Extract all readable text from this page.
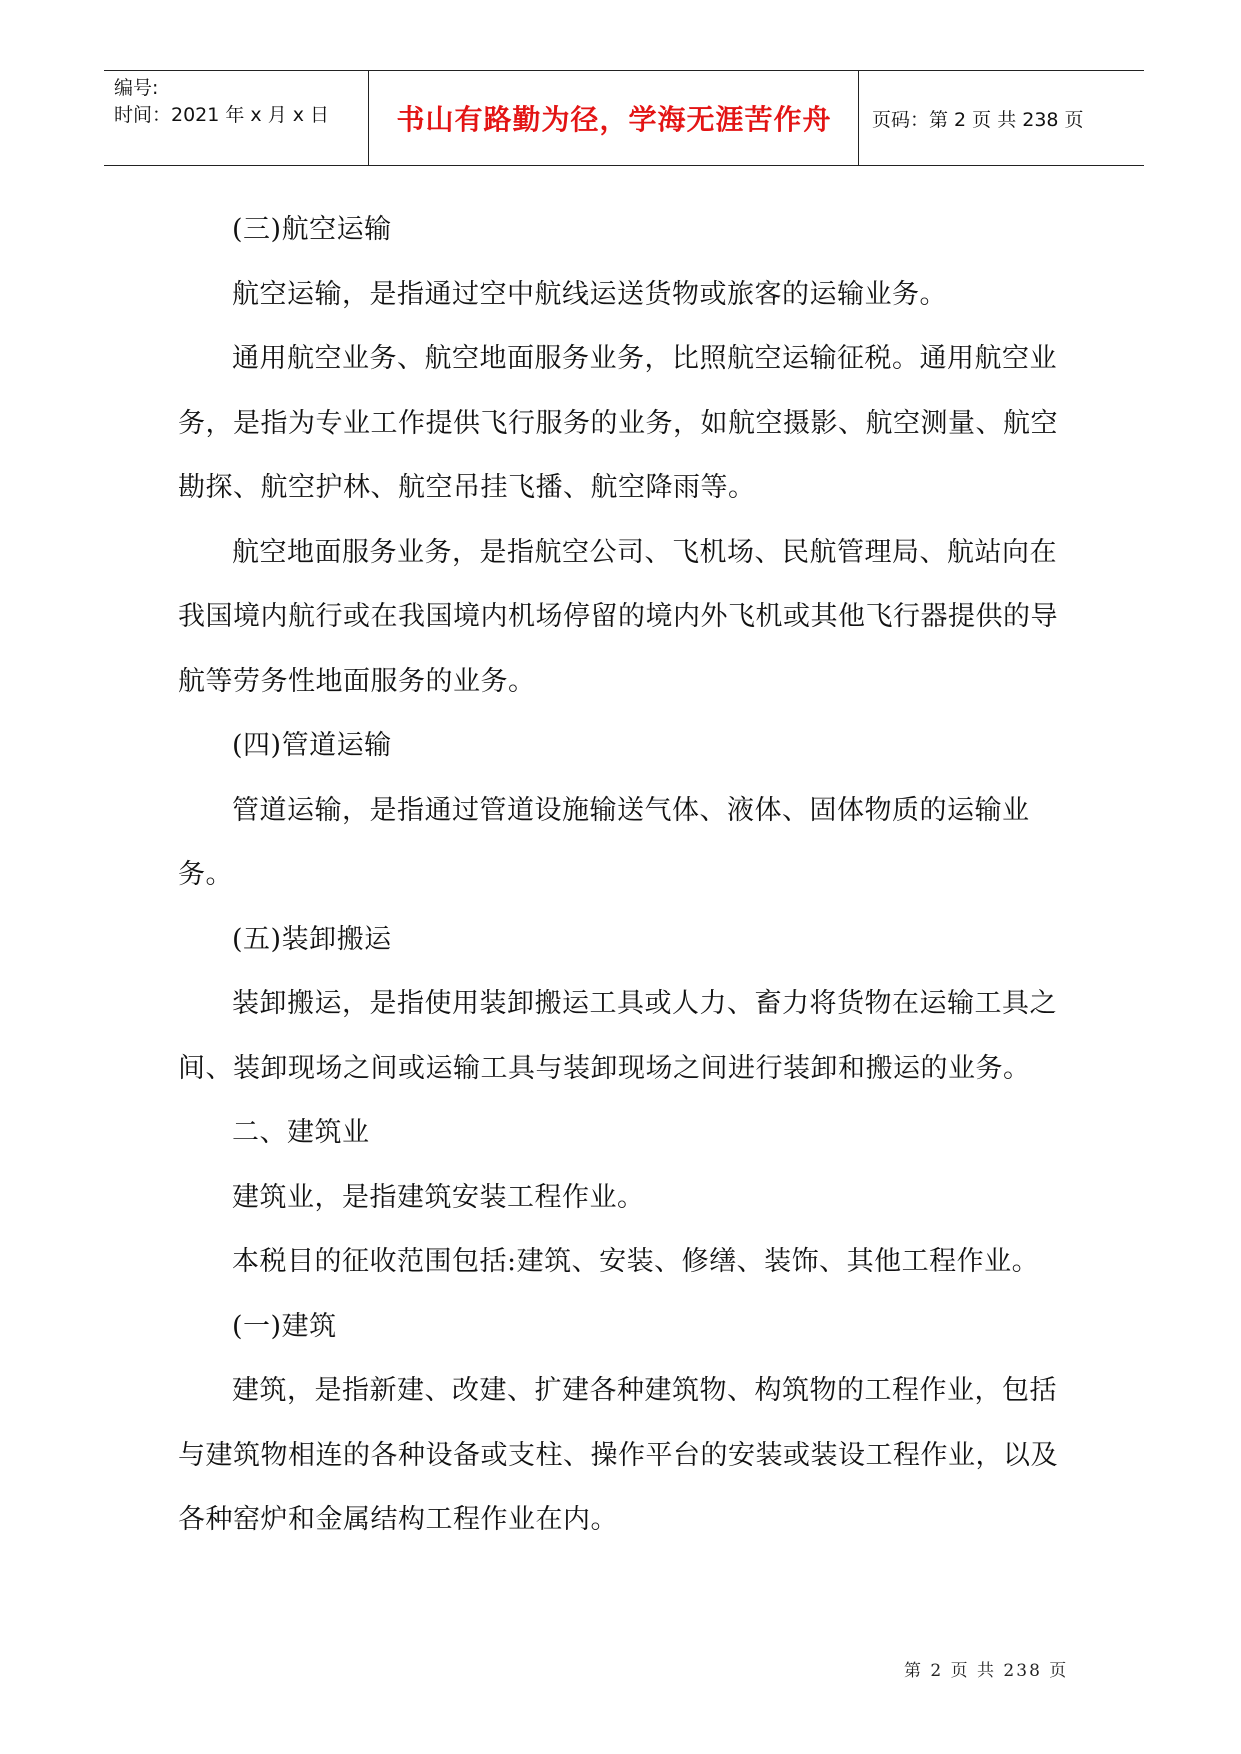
编号:
时间：2021 年 x 月 x 日	书山有路勤为径，学海无涯苦作舟	页码：第 2 页 共 238 页

(三)航空运输

航空运输，是指通过空中航线运送货物或旅客的运输业务。

通用航空业务、航空地面服务业务，比照航空运输征税。通用航空业务，是指为专业工作提供飞行服务的业务，如航空摄影、航空测量、航空勘探、航空护林、航空吊挂飞播、航空降雨等。

航空地面服务业务，是指航空公司、飞机场、民航管理局、航站向在我国境内航行或在我国境内机场停留的境内外飞机或其他飞行器提供的导航等劳务性地面服务的业务。

(四)管道运输

管道运输，是指通过管道设施输送气体、液体、固体物质的运输业务。

(五)装卸搬运

装卸搬运，是指使用装卸搬运工具或人力、畜力将货物在运输工具之间、装卸现场之间或运输工具与装卸现场之间进行装卸和搬运的业务。

二、建筑业

建筑业，是指建筑安装工程作业。

本税目的征收范围包括:建筑、安装、修缮、装饰、其他工程作业。

(一)建筑

建筑，是指新建、改建、扩建各种建筑物、构筑物的工程作业，包括与建筑物相连的各种设备或支柱、操作平台的安装或装设工程作业，以及各种窑炉和金属结构工程作业在内。

第 2 页 共 238 页
